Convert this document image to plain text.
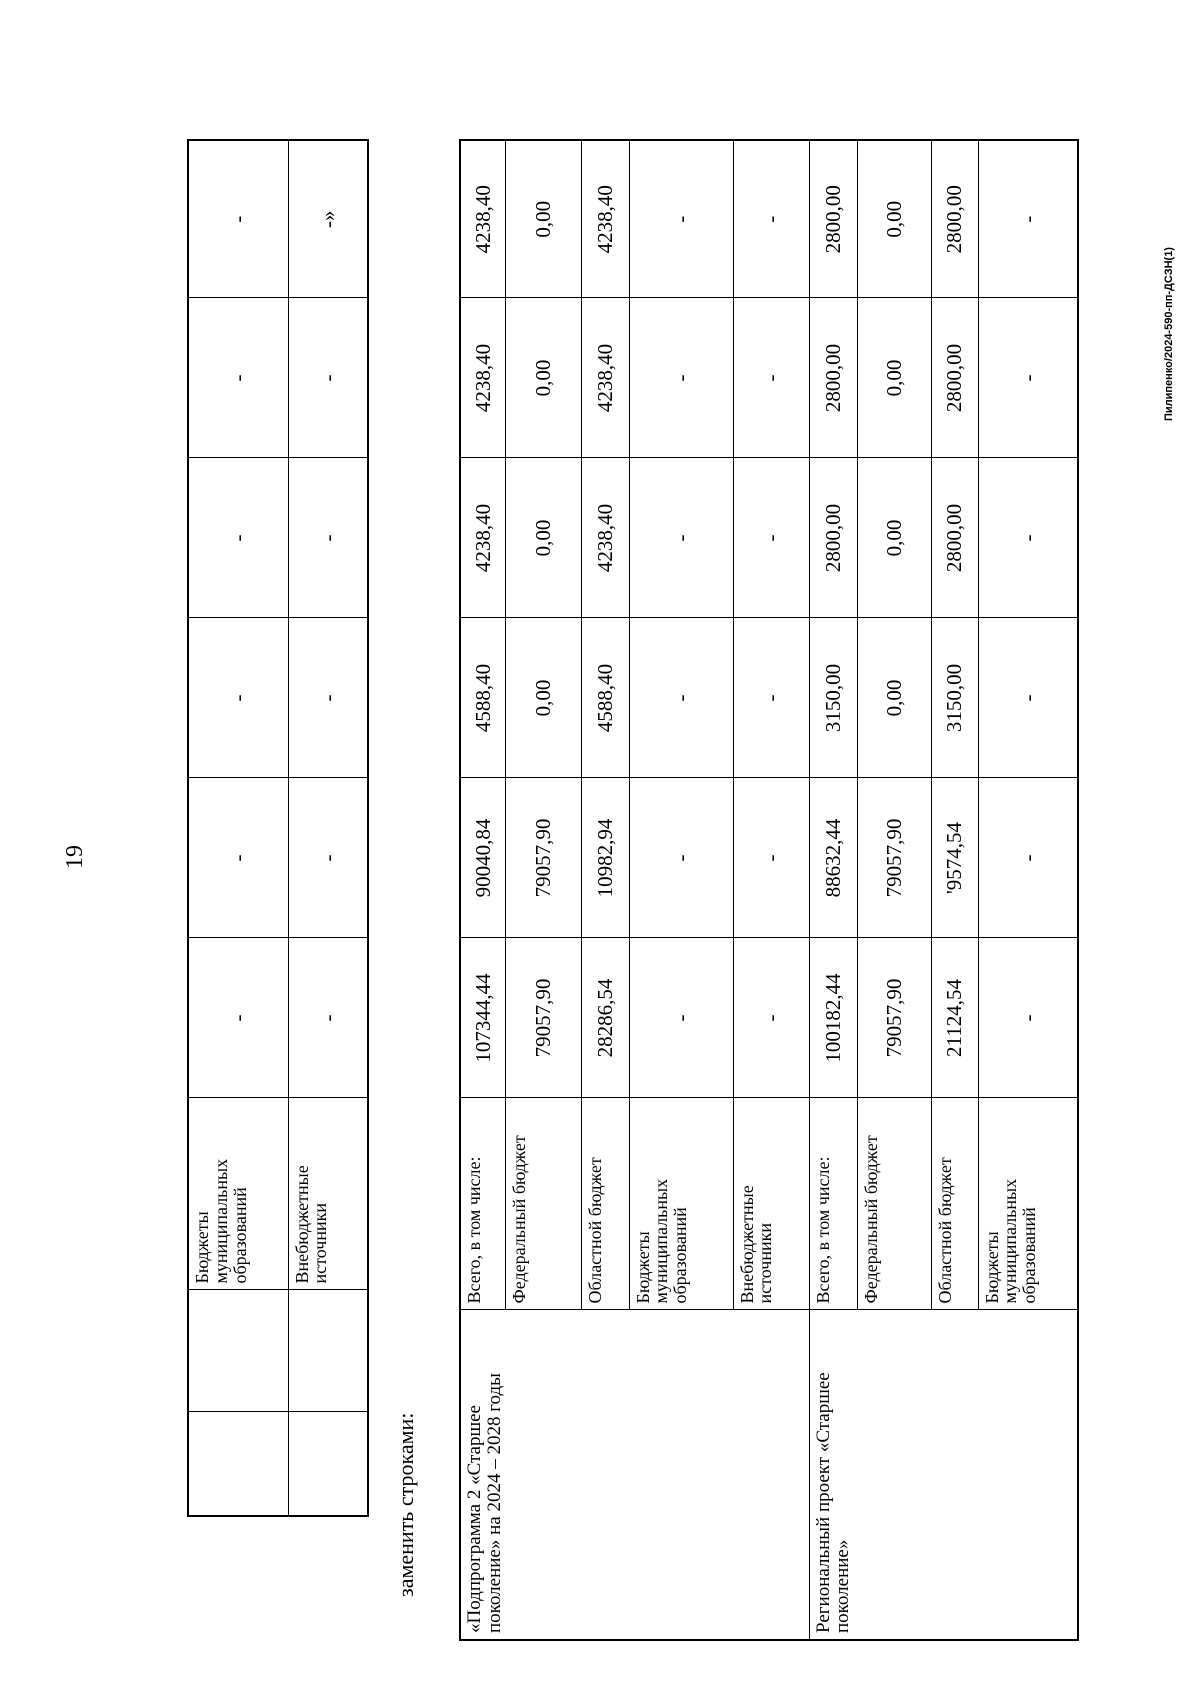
19
		Бюджеты муниципальных образований	-	-	-	-	-	-
		Внебюджетные источники	-	-	-	-	-	-»
заменить строками: «Подпрограмма 2 «Старшее поколение» на 2024 – 2028 годы	Всего, в том числе:	107344,44	90040,84	4588,40	4238,40	4238,40	4238,40
	Федеральный бюджет	79057,90	79057,90	0,00	0,00	0,00	0,00
	Областной бюджет	28286,54	10982,94	4588,40	4238,40	4238,40	4238,40
	Бюджеты муниципальных образований	-	-	-	-	-	-
	Внебюджетные источники	-	-	-	-	-	-
Региональный проект «Старшее поколение»	Всего, в том числе:	100182,44	88632,44	3150,00	2800,00	2800,00	2800,00
	Федеральный бюджет	79057,90	79057,90	0,00	0,00	0,00	0,00
	Областной бюджет	21124,54	'9574,54	3150,00	2800,00	2800,00	2800,00
	Бюджеты муниципальных образований	-	-	-	-	-	-
Пилипенко/2024-590-пп-ДСЗН(1)
